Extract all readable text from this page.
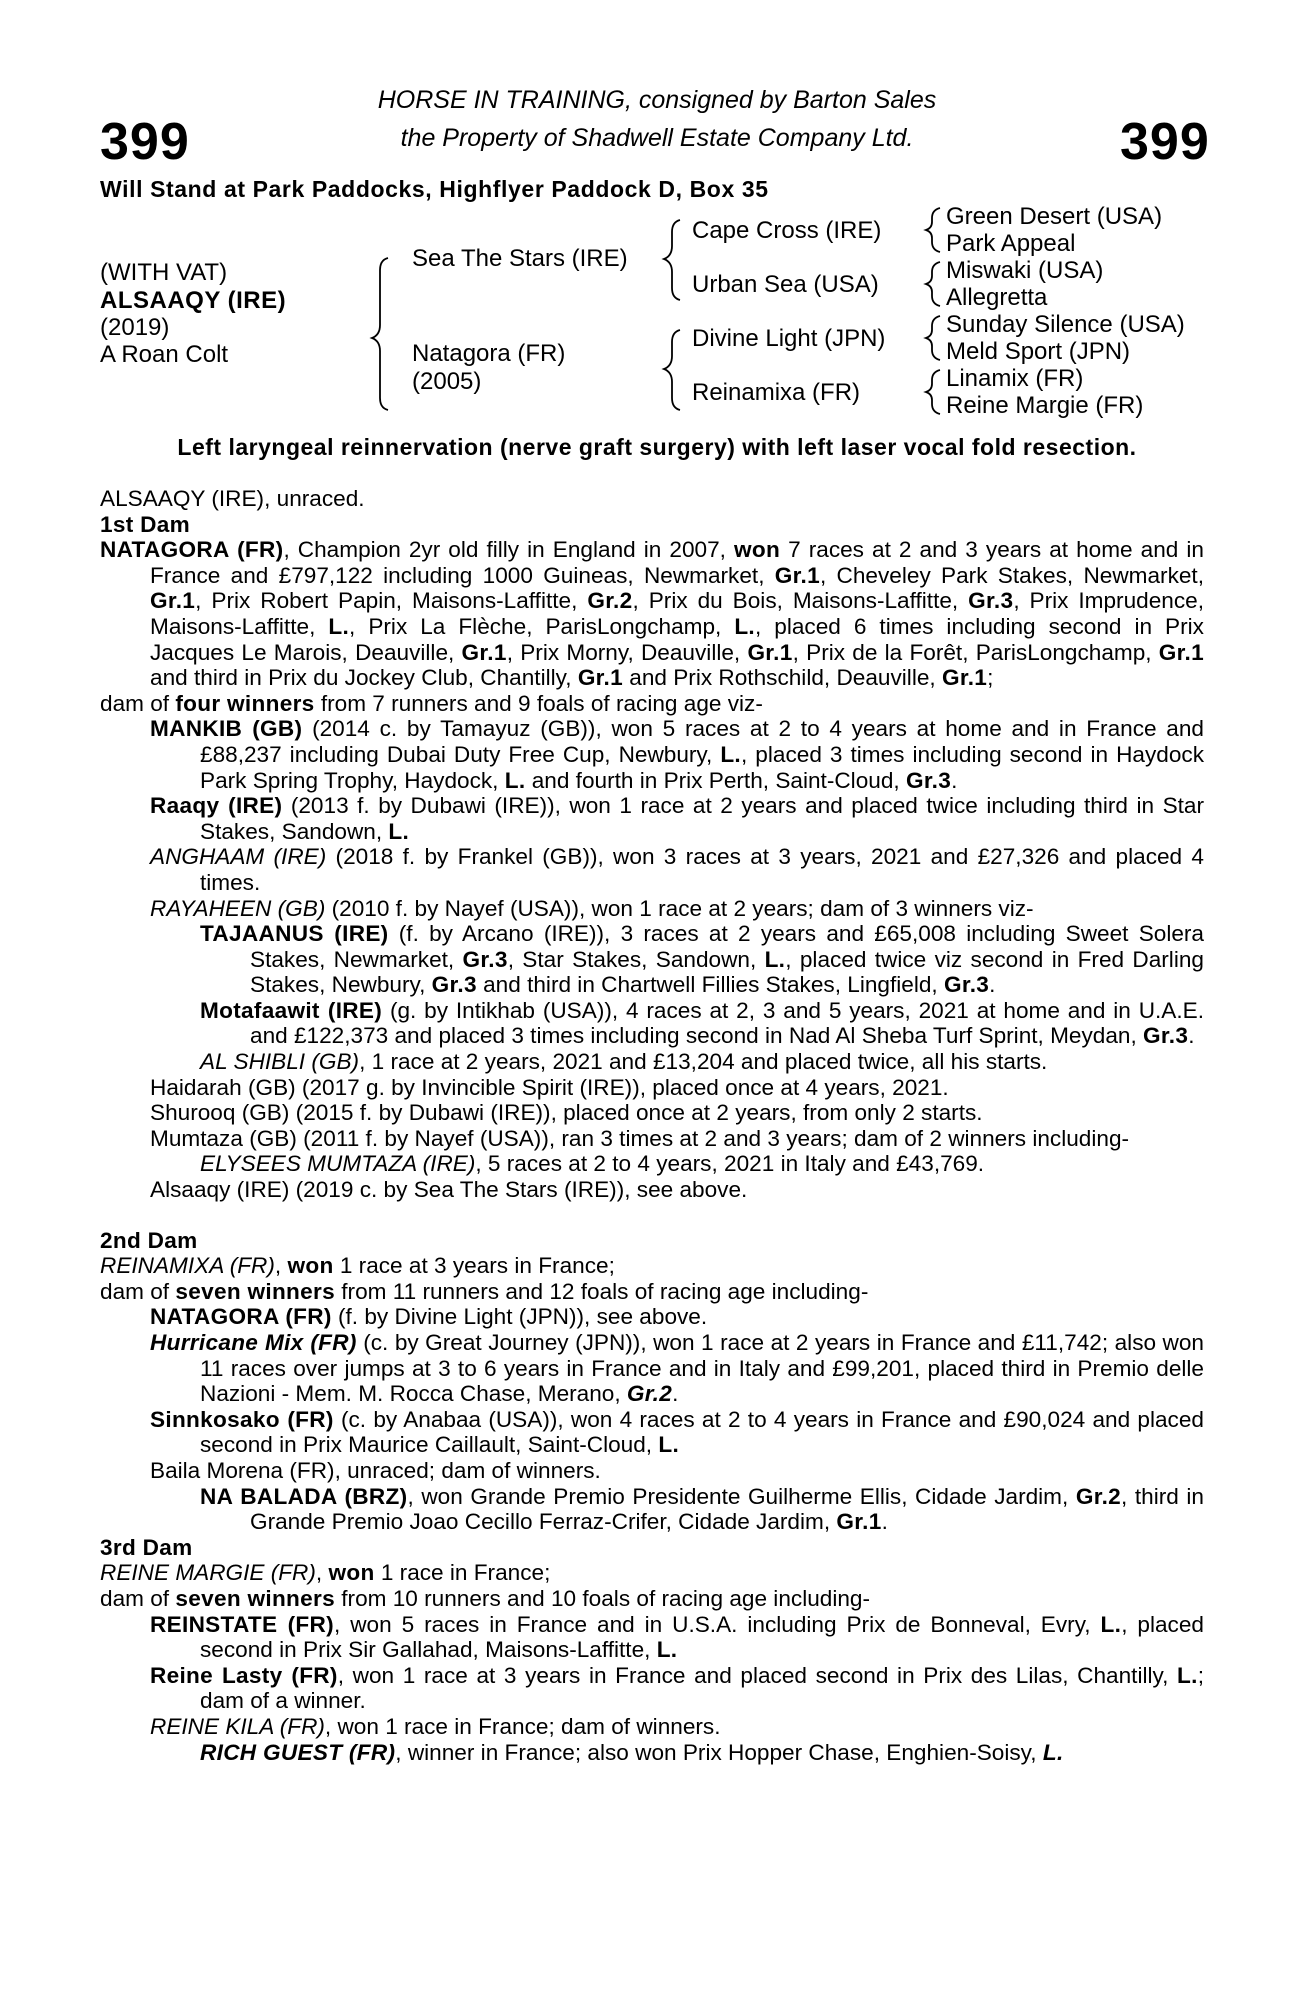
399	399
HORSE IN TRAINING, consigned by Barton Sales
the Property of Shadwell Estate Company Ltd.
Will Stand at Park Paddocks, Highflyer Paddock D, Box 35
(WITH VAT)
ALSAAQY (IRE)
(2019)
A Roan Colt
Sea The Stars (IRE)
Natagora (FR)
(2005)
Cape Cross (IRE)
Urban Sea (USA)
Divine Light (JPN)
Reinamixa (FR)
Green Desert (USA)
Park Appeal
Miswaki (USA)
Allegretta
Sunday Silence (USA)
Meld Sport (JPN)
Linamix (FR)
Reine Margie (FR)
Left laryngeal reinnervation (nerve graft surgery) with left laser vocal fold resection.

ALSAAQY (IRE), unraced.

1st Dam

NATAGORA (FR), Champion 2yr old filly in England in 2007, won 7 races at 2 and 3 years at home and in France and £797,122 including 1000 Guineas, Newmarket, Gr.1, Cheveley Park Stakes, Newmarket, Gr.1, Prix Robert Papin, Maisons-Laffitte, Gr.2, Prix du Bois, Maisons-Laffitte, Gr.3, Prix Imprudence, Maisons-Laffitte, L., Prix La Flèche, ParisLongchamp, L., placed 6 times including second in Prix Jacques Le Marois, Deauville, Gr.1, Prix Morny, Deauville, Gr.1, Prix de la Forêt, ParisLongchamp, Gr.1 and third in Prix du Jockey Club, Chantilly, Gr.1 and Prix Rothschild, Deauville, Gr.1;

dam of four winners from 7 runners and 9 foals of racing age viz-

MANKIB (GB) (2014 c. by Tamayuz (GB)), won 5 races at 2 to 4 years at home and in France and £88,237 including Dubai Duty Free Cup, Newbury, L., placed 3 times including second in Haydock Park Spring Trophy, Haydock, L. and fourth in Prix Perth, Saint-Cloud, Gr.3.

Raaqy (IRE) (2013 f. by Dubawi (IRE)), won 1 race at 2 years and placed twice including third in Star Stakes, Sandown, L.

ANGHAAM (IRE) (2018 f. by Frankel (GB)), won 3 races at 3 years, 2021 and £27,326 and placed 4 times.

RAYAHEEN (GB) (2010 f. by Nayef (USA)), won 1 race at 2 years; dam of 3 winners viz-

TAJAANUS (IRE) (f. by Arcano (IRE)), 3 races at 2 years and £65,008 including Sweet Solera Stakes, Newmarket, Gr.3, Star Stakes, Sandown, L., placed twice viz second in Fred Darling Stakes, Newbury, Gr.3 and third in Chartwell Fillies Stakes, Lingfield, Gr.3.

Motafaawit (IRE) (g. by Intikhab (USA)), 4 races at 2, 3 and 5 years, 2021 at home and in U.A.E. and £122,373 and placed 3 times including second in Nad Al Sheba Turf Sprint, Meydan, Gr.3.

AL SHIBLI (GB), 1 race at 2 years, 2021 and £13,204 and placed twice, all his starts.

Haidarah (GB) (2017 g. by Invincible Spirit (IRE)), placed once at 4 years, 2021.

Shurooq (GB) (2015 f. by Dubawi (IRE)), placed once at 2 years, from only 2 starts.

Mumtaza (GB) (2011 f. by Nayef (USA)), ran 3 times at 2 and 3 years; dam of 2 winners including-

ELYSEES MUMTAZA (IRE), 5 races at 2 to 4 years, 2021 in Italy and £43,769.

Alsaaqy (IRE) (2019 c. by Sea The Stars (IRE)), see above.

2nd Dam

REINAMIXA (FR), won 1 race at 3 years in France;

dam of seven winners from 11 runners and 12 foals of racing age including-

NATAGORA (FR) (f. by Divine Light (JPN)), see above.

Hurricane Mix (FR) (c. by Great Journey (JPN)), won 1 race at 2 years in France and £11,742; also won 11 races over jumps at 3 to 6 years in France and in Italy and £99,201, placed third in Premio delle Nazioni - Mem. M. Rocca Chase, Merano, Gr.2.

Sinnkosako (FR) (c. by Anabaa (USA)), won 4 races at 2 to 4 years in France and £90,024 and placed second in Prix Maurice Caillault, Saint-Cloud, L.

Baila Morena (FR), unraced; dam of winners.

NA BALADA (BRZ), won Grande Premio Presidente Guilherme Ellis, Cidade Jardim, Gr.2, third in Grande Premio Joao Cecillo Ferraz-Crifer, Cidade Jardim, Gr.1.

3rd Dam

REINE MARGIE (FR), won 1 race in France;

dam of seven winners from 10 runners and 10 foals of racing age including-

REINSTATE (FR), won 5 races in France and in U.S.A. including Prix de Bonneval, Evry, L., placed second in Prix Sir Gallahad, Maisons-Laffitte, L.

Reine Lasty (FR), won 1 race at 3 years in France and placed second in Prix des Lilas, Chantilly, L.; dam of a winner.

REINE KILA (FR), won 1 race in France; dam of winners.

RICH GUEST (FR), winner in France; also won Prix Hopper Chase, Enghien-Soisy, L.
